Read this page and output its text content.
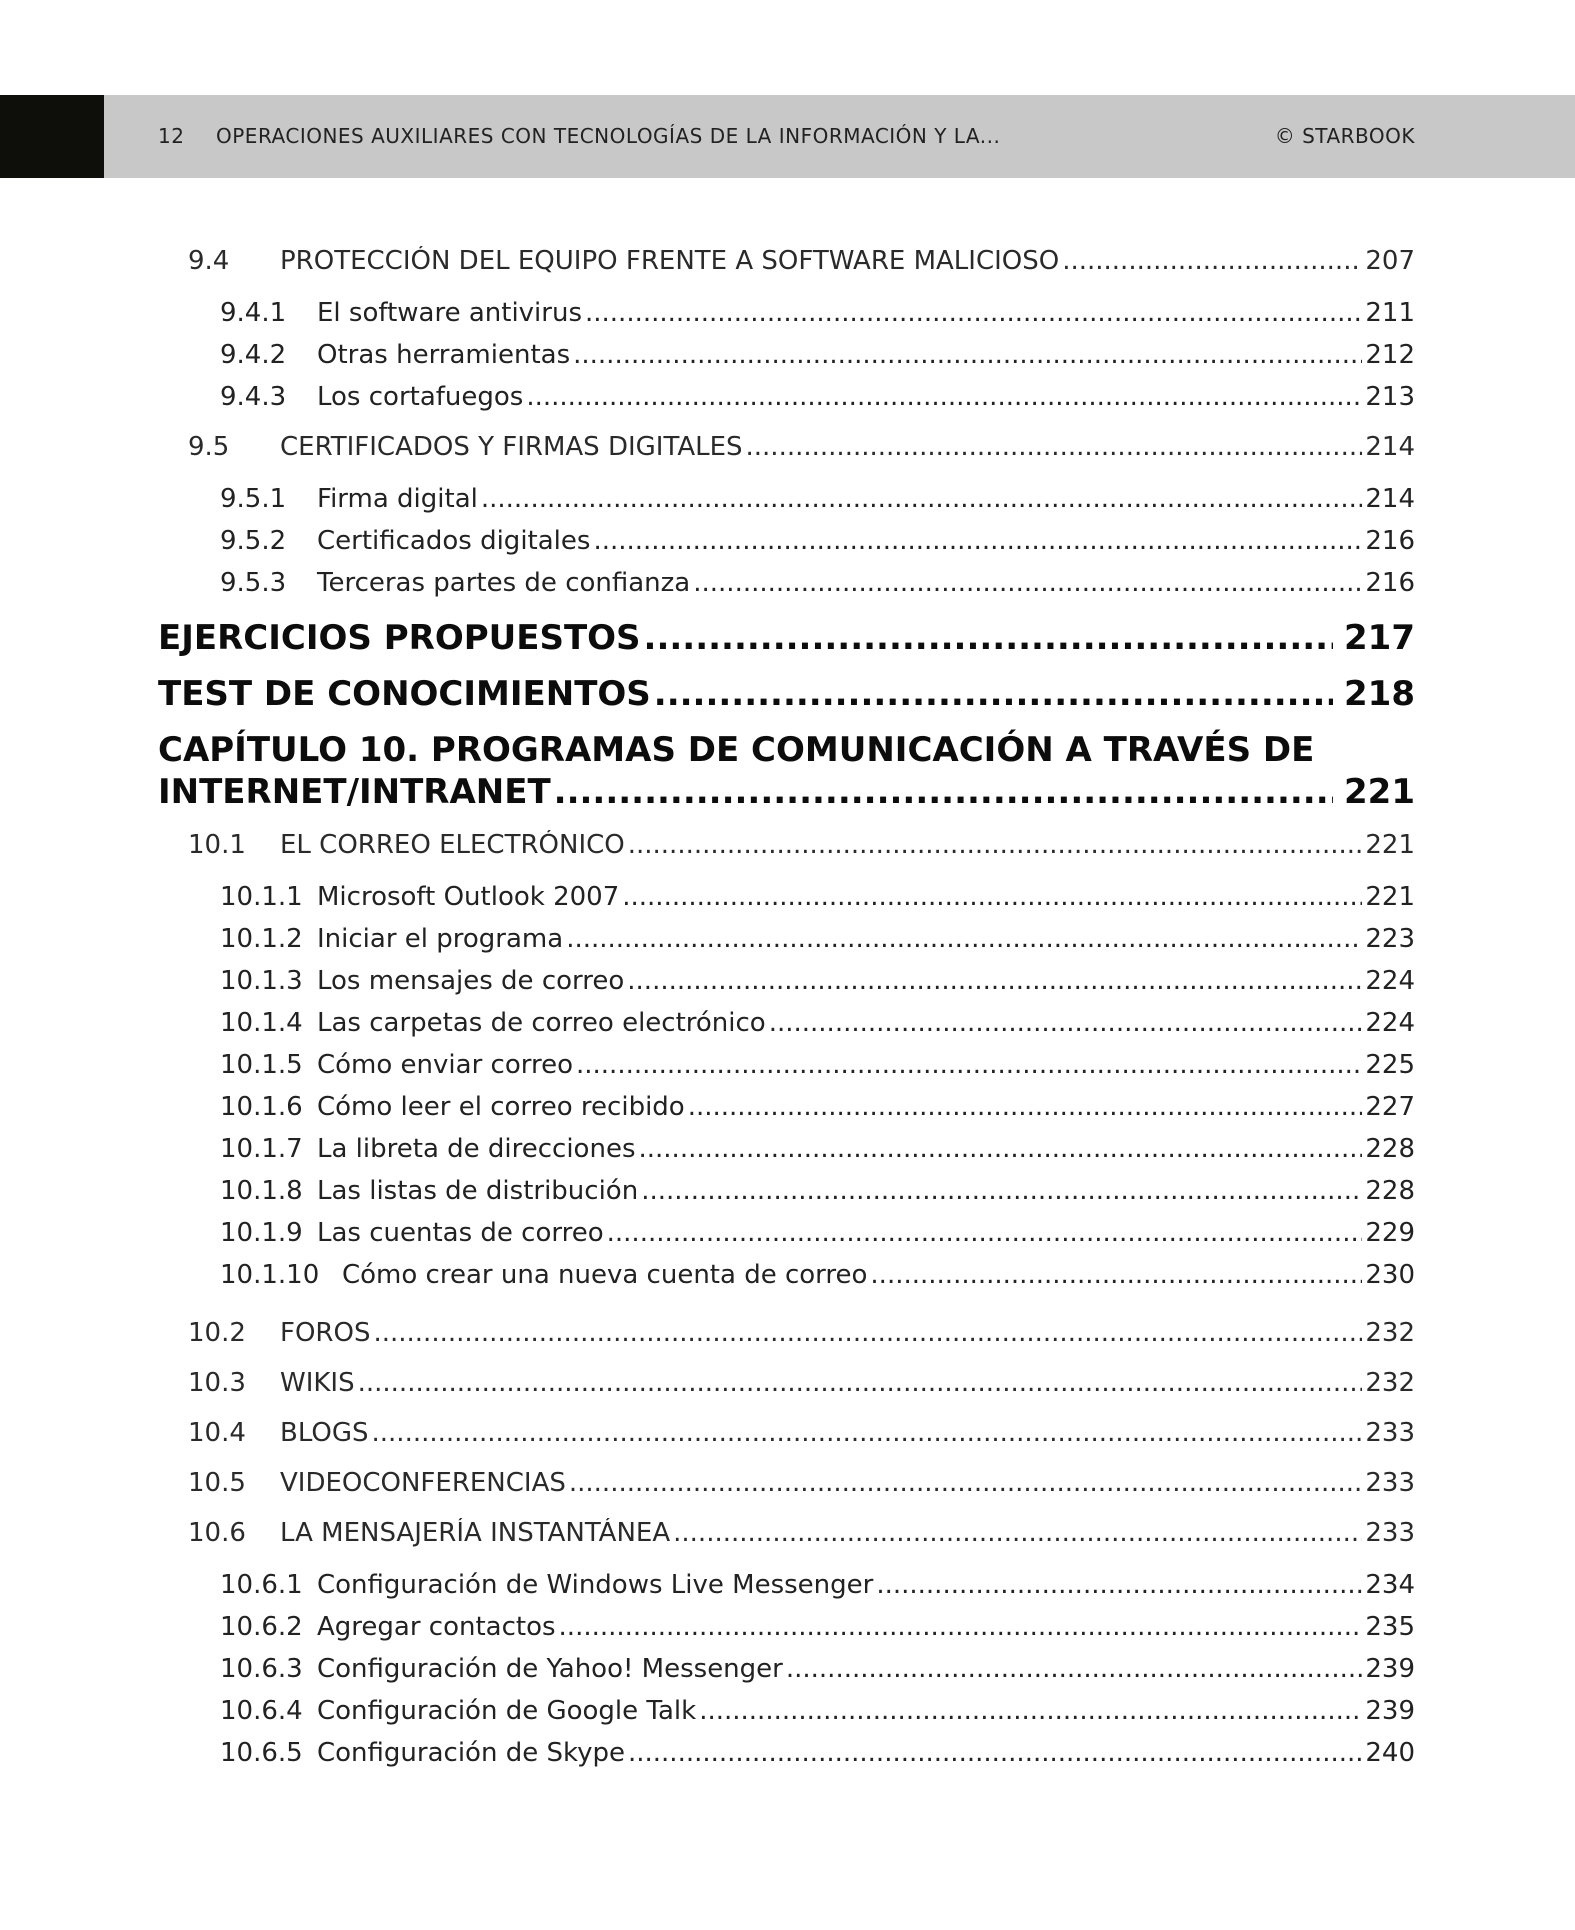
12 OPERACIONES AUXILIARES CON TECNOLOGÍAS DE LA INFORMACIÓN Y LA...	© STARBOOK
9.4	PROTECCIÓN DEL EQUIPO FRENTE A SOFTWARE MALICIOSO .....	207
9.4.1	El software antivirus .....	211
9.4.2	Otras herramientas .....	212
9.4.3	Los cortafuegos .....	213
9.5	CERTIFICADOS Y FIRMAS DIGITALES .....	214
9.5.1	Firma digital .....	214
9.5.2	Certificados digitales .....	216
9.5.3	Terceras partes de confianza .....	216
EJERCICIOS PROPUESTOS .....	217
TEST DE CONOCIMIENTOS .....	218
CAPÍTULO 10. PROGRAMAS DE COMUNICACIÓN A TRAVÉS DE
INTERNET/INTRANET .....	221
10.1	EL CORREO ELECTRÓNICO .....	221
10.1.1 Microsoft Outlook 2007 .....	221
10.1.2 Iniciar el programa .....	223
10.1.3 Los mensajes de correo .....	224
10.1.4 Las carpetas de correo electrónico .....	224
10.1.5 Cómo enviar correo .....	225
10.1.6 Cómo leer el correo recibido .....	227
10.1.7 La libreta de direcciones .....	228
10.1.8 Las listas de distribución .....	228
10.1.9 Las cuentas de correo .....	229
10.1.10 Cómo crear una nueva cuenta de correo .....	230
10.2	FOROS .....	232
10.3	WIKIS .....	232
10.4	BLOGS .....	233
10.5	VIDEOCONFERENCIAS .....	233
10.6	LA MENSAJERÍA INSTANTÁNEA .....	233
10.6.1 Configuración de Windows Live Messenger .....	234
10.6.2 Agregar contactos .....	235
10.6.3 Configuración de Yahoo! Messenger .....	239
10.6.4 Configuración de Google Talk .....	239
10.6.5 Configuración de Skype .....	240
